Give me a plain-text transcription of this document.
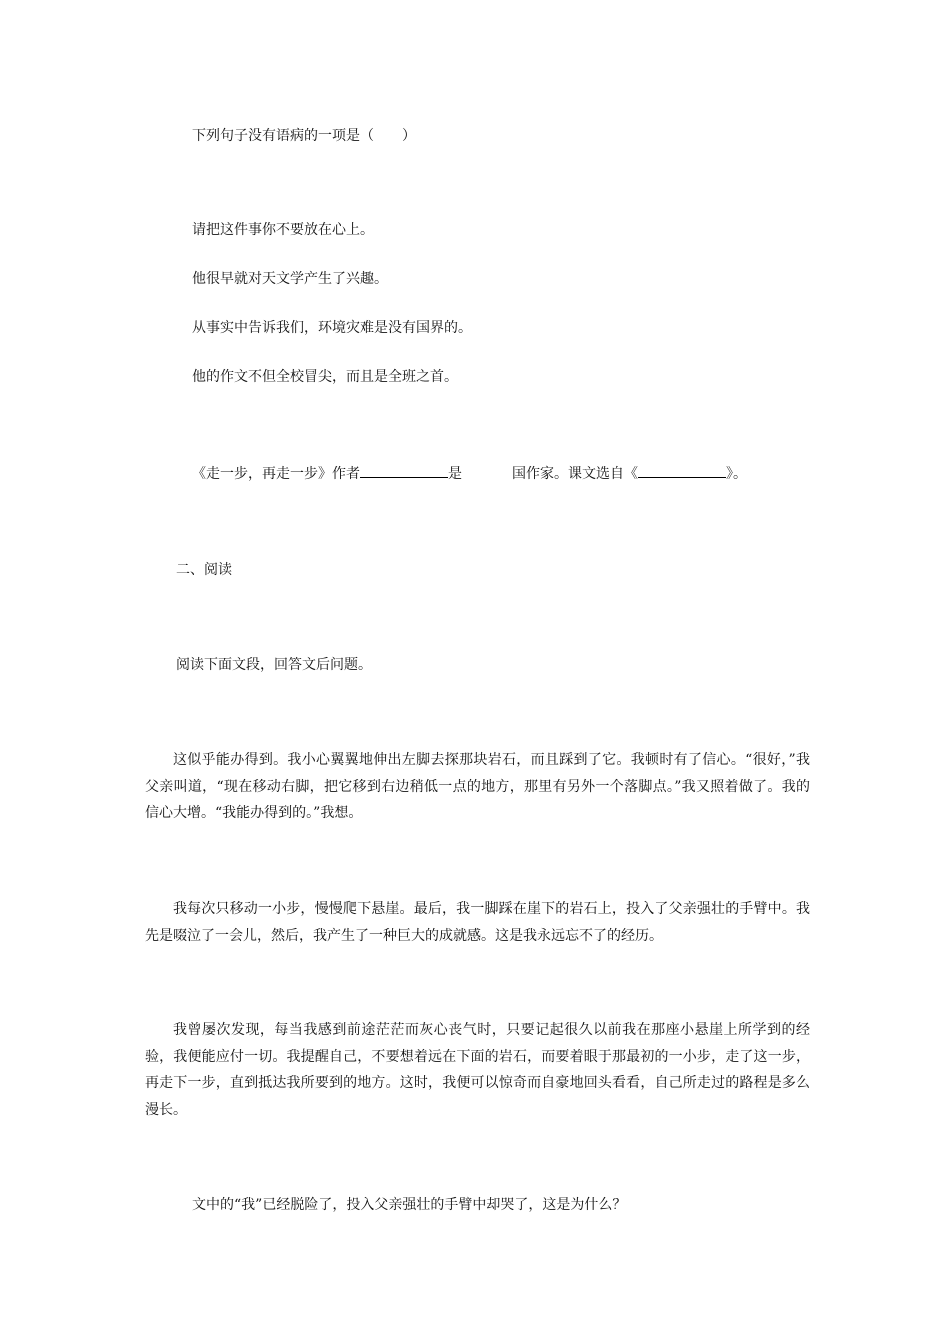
下列句子没有语病的一项是（　　）
请把这件事你不要放在心上。
他很早就对天文学产生了兴趣。
从事实中告诉我们，环境灾难是没有国界的。
他的作文不但全校冒尖，而且是全班之首。
《走一步，再走一步》作者	是	国作家。课文选自《	》。
二、阅读
阅读下面文段，回答文后问题。
这似乎能办得到。我小心翼翼地伸出左脚去探那块岩石，而且踩到了它。我顿时有了信心。“很好，”我父亲叫道，“现在移动右脚，把它移到右边稍低一点的地方，那里有另外一个落脚点。”我又照着做了。我的信心大增。“我能办得到的。”我想。
我每次只移动一小步，慢慢爬下悬崖。最后，我一脚踩在崖下的岩石上，投入了父亲强壮的手臂中。我先是啜泣了一会儿，然后，我产生了一种巨大的成就感。这是我永远忘不了的经历。
我曾屡次发现，每当我感到前途茫茫而灰心丧气时，只要记起很久以前我在那座小悬崖上所学到的经验，我便能应付一切。我提醒自己，不要想着远在下面的岩石，而要着眼于那最初的一小步，走了这一步，再走下一步，直到抵达我所要到的地方。这时，我便可以惊奇而自豪地回头看看，自己所走过的路程是多么漫长。
文中的“我”已经脱险了，投入父亲强壮的手臂中却哭了，这是为什么？
